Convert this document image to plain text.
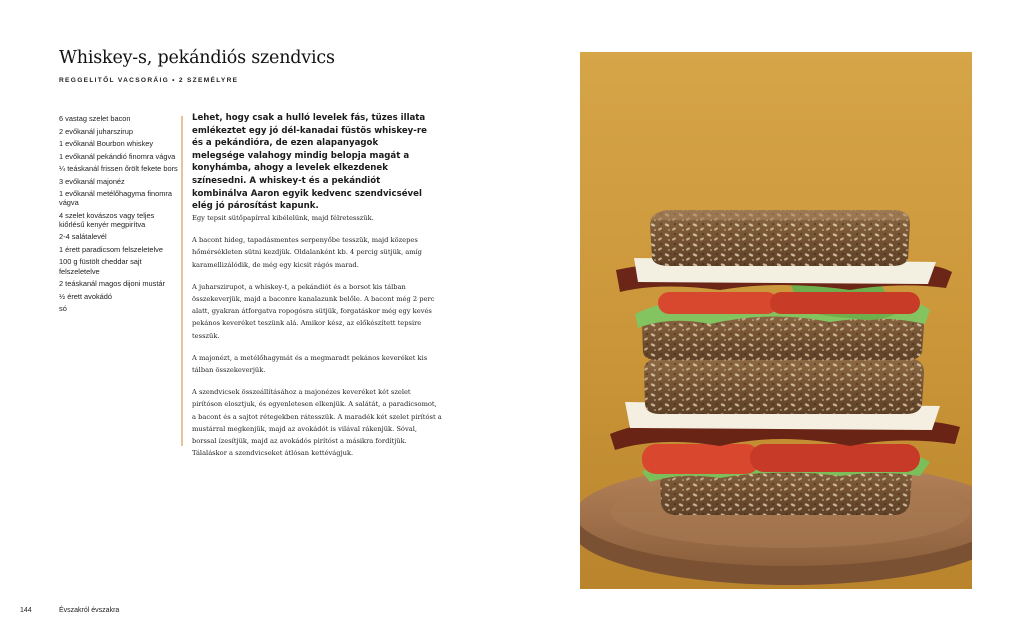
Whiskey-s, pekándiós szendvics
REGGELITŐL VACSORÁIG • 2 SZEMÉLYRE
6 vastag szelet bacon
2 evőkanál juharszirup
1 evőkanál Bourbon whiskey
1 evőkanál pekándió finomra vágva
¼ teáskanál frissen őrölt fekete bors
3 evőkanál majonéz
1 evőkanál metélőhagyma finomra vágva
4 szelet kovászos vagy teljes kiőrlésű kenyér megpirítva
2-4 salátalevél
1 érett paradicsom felszeletelve
100 g füstölt cheddar sajt felszeletelve
2 teáskanál magos dijoni mustár
½ érett avokádó
só

Lehet, hogy csak a hulló levelek fás, tüzes illata emlékeztet egy jó dél-kanadai füstös whiskey-re és a pekándióra, de ezen alapanyagok melegsége valahogy mindig belopja magát a konyhámba, ahogy a levelek elkezdenek színesedni. A whiskey-t és a pekándiót kombinálva Aaron egyik kedvenc szendvicsével elég jó párosítást kapunk.

Egy tepsit sütőpapírral kibélelünk, majd félretesszük.

A bacont hideg, tapadásmentes serpenyőbe tesszük, majd közepes hőmérsékleten sütni kezdjük. Oldalanként kb. 4 percig sütjük, amíg karamellizálódik, de még egy kicsit rágós marad.

A juharszirupot, a whiskey-t, a pekándiót és a borsot kis tálban összekeverjük, majd a baconre kanalazunk belőle. A bacont még 2 perc alatt, gyakran átforgatva ropogósra sütjük, forgatáskor még egy kevés pekános keveréket teszünk alá. Amikor kész, az előkészített tepsire tesszük.

A majonézt, a metélőhagymát és a megmaradt pekános keveréket kis tálban összekeverjük.

A szendvicsek összeállításához a majonézes keveréket két szelet pirítóson elosztjuk, és egyenletesen elkenjük. A salátát, a paradicsomot, a bacont és a sajtot rétegekben rátesszük. A maradék két szelet pirítóst a mustárral megkenjük, majd az avokádót is vilával rákenjük. Sóval, borssal ízesítjük, majd az avokádós pirítóst a másikra fordítjük. Tálaláskor a szendvicseket átlósan kettévágjuk.

144	Évszakról évszakra
